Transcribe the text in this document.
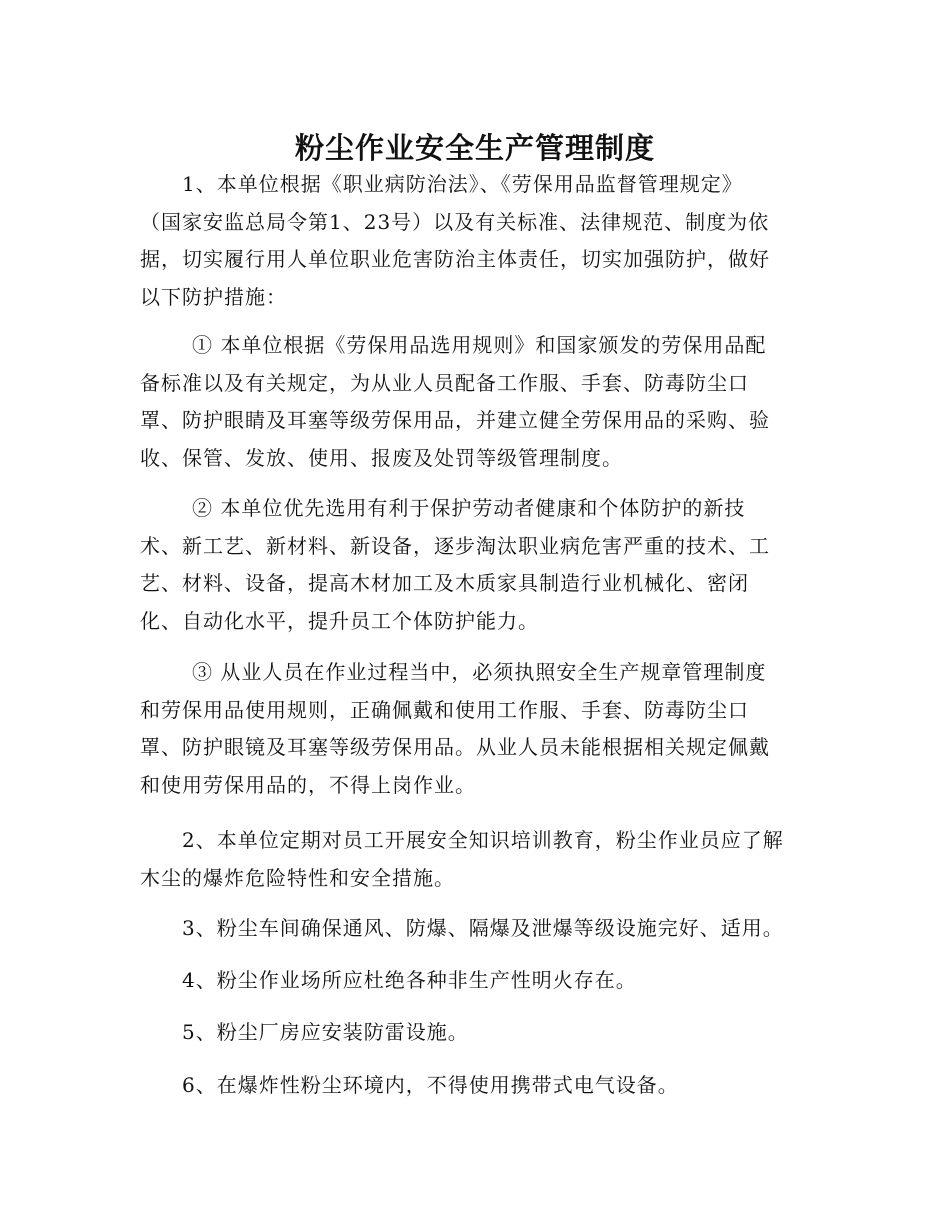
粉尘作业安全生产管理制度

1、本单位根据《职业病防治法》、《劳保用品监督管理规定》
（国家安监总局令第1、23号）以及有关标准、法律规范、制度为依
据，切实履行用人单位职业危害防治主体责任，切实加强防护，做好
以下防护措施：

① 本单位根据《劳保用品选用规则》和国家颁发的劳保用品配
备标准以及有关规定，为从业人员配备工作服、手套、防毒防尘口
罩、防护眼睛及耳塞等级劳保用品，并建立健全劳保用品的采购、验
收、保管、发放、使用、报废及处罚等级管理制度。

② 本单位优先选用有利于保护劳动者健康和个体防护的新技
术、新工艺、新材料、新设备，逐步淘汰职业病危害严重的技术、工
艺、材料、设备，提高木材加工及木质家具制造行业机械化、密闭
化、自动化水平，提升员工个体防护能力。

③ 从业人员在作业过程当中，必须执照安全生产规章管理制度
和劳保用品使用规则，正确佩戴和使用工作服、手套、防毒防尘口
罩、防护眼镜及耳塞等级劳保用品。从业人员未能根据相关规定佩戴
和使用劳保用品的，不得上岗作业。

2、本单位定期对员工开展安全知识培训教育，粉尘作业员应了解
木尘的爆炸危险特性和安全措施。

3、粉尘车间确保通风、防爆、隔爆及泄爆等级设施完好、适用。

4、粉尘作业场所应杜绝各种非生产性明火存在。

5、粉尘厂房应安装防雷设施。

6、在爆炸性粉尘环境内，不得使用携带式电气设备。
